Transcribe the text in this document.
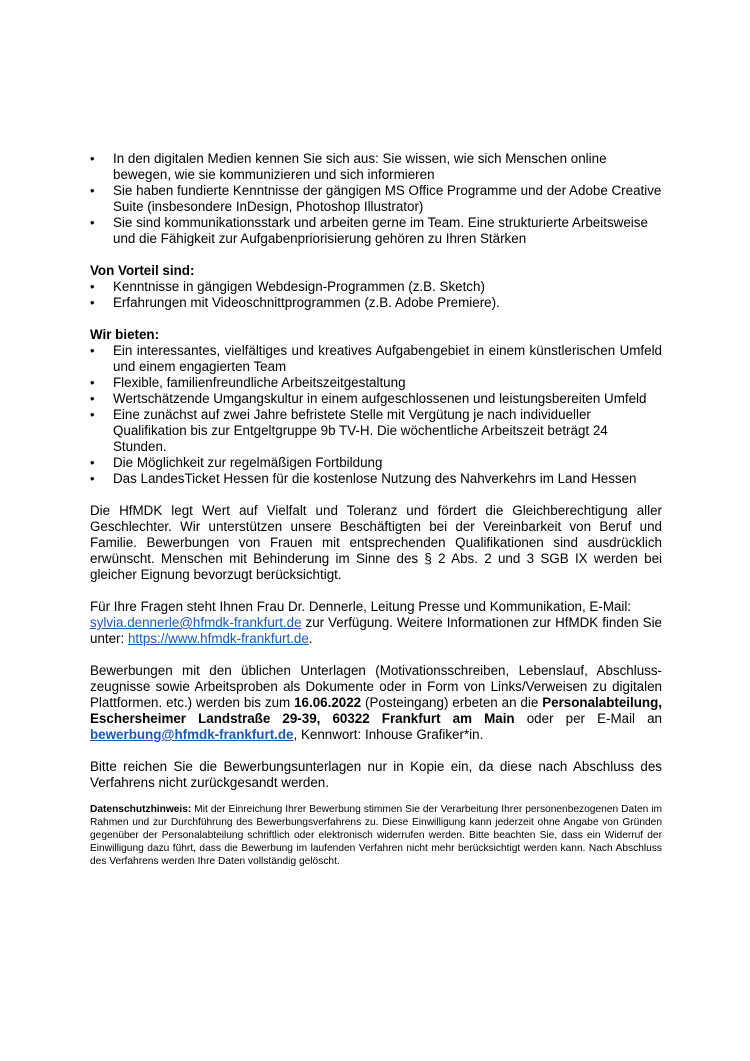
• In den digitalen Medien kennen Sie sich aus: Sie wissen, wie sich Menschen online bewegen, wie sie kommunizieren und sich informieren
• Sie haben fundierte Kenntnisse der gängigen MS Office Programme und der Adobe Creative Suite (insbesondere InDesign, Photoshop Illustrator)
• Sie sind kommunikationsstark und arbeiten gerne im Team. Eine strukturierte Arbeitsweise und die Fähigkeit zur Aufgabenpriorisierung gehören zu Ihren Stärken

Von Vorteil sind:

• Kenntnisse in gängigen Webdesign-Programmen (z.B. Sketch)
• Erfahrungen mit Videoschnittprogrammen (z.B. Adobe Premiere).

Wir bieten:

• Ein interessantes, vielfältiges und kreatives Aufgabengebiet in einem künstlerischen Umfeld und einem engagierten Team
• Flexible, familienfreundliche Arbeitszeitgestaltung
• Wertschätzende Umgangskultur in einem aufgeschlossenen und leistungsbereiten Umfeld
• Eine zunächst auf zwei Jahre befristete Stelle mit Vergütung je nach individueller Qualifikation bis zur Entgeltgruppe 9b TV-H. Die wöchentliche Arbeitszeit beträgt 24 Stunden.
• Die Möglichkeit zur regelmäßigen Fortbildung
• Das LandesTicket Hessen für die kostenlose Nutzung des Nahverkehrs im Land Hessen

Die HfMDK legt Wert auf Vielfalt und Toleranz und fördert die Gleichberechtigung aller Geschlechter. Wir unterstützen unsere Beschäftigten bei der Vereinbarkeit von Beruf und Familie. Bewerbungen von Frauen mit entsprechenden Qualifikationen sind ausdrücklich erwünscht. Menschen mit Behinderung im Sinne des § 2 Abs. 2 und 3 SGB IX werden bei gleicher Eignung bevorzugt berücksichtigt.

Für Ihre Fragen steht Ihnen Frau Dr. Dennerle, Leitung Presse und Kommunikation, E-Mail:
sylvia.dennerle@hfmdk-frankfurt.de zur Verfügung. Weitere Informationen zur HfMDK finden Sie unter: https://www.hfmdk-frankfurt.de.

Bewerbungen mit den üblichen Unterlagen (Motivationsschreiben, Lebenslauf, Abschluss- zeugnisse sowie Arbeitsproben als Dokumente oder in Form von Links/Verweisen zu digitalen Plattformen. etc.) werden bis zum 16.06.2022 (Posteingang) erbeten an die Personalabteilung, Eschersheimer Landstraße 29-39, 60322 Frankfurt am Main oder per E-Mail an bewerbung@hfmdk-frankfurt.de, Kennwort: Inhouse Grafiker*in.

Bitte reichen Sie die Bewerbungsunterlagen nur in Kopie ein, da diese nach Abschluss des Verfahrens nicht zurückgesandt werden.

Datenschutzhinweis: Mit der Einreichung Ihrer Bewerbung stimmen Sie der Verarbeitung Ihrer personenbezogenen Daten im Rahmen und zur Durchführung des Bewerbungsverfahrens zu. Diese Einwilligung kann jederzeit ohne Angabe von Gründen gegenüber der Personalabteilung schriftlich oder elektronisch widerrufen werden. Bitte beachten Sie, dass ein Widerruf der Einwilligung dazu führt, dass die Bewerbung im laufenden Verfahren nicht mehr berücksichtigt werden kann. Nach Abschluss des Verfahrens werden Ihre Daten vollständig gelöscht.
